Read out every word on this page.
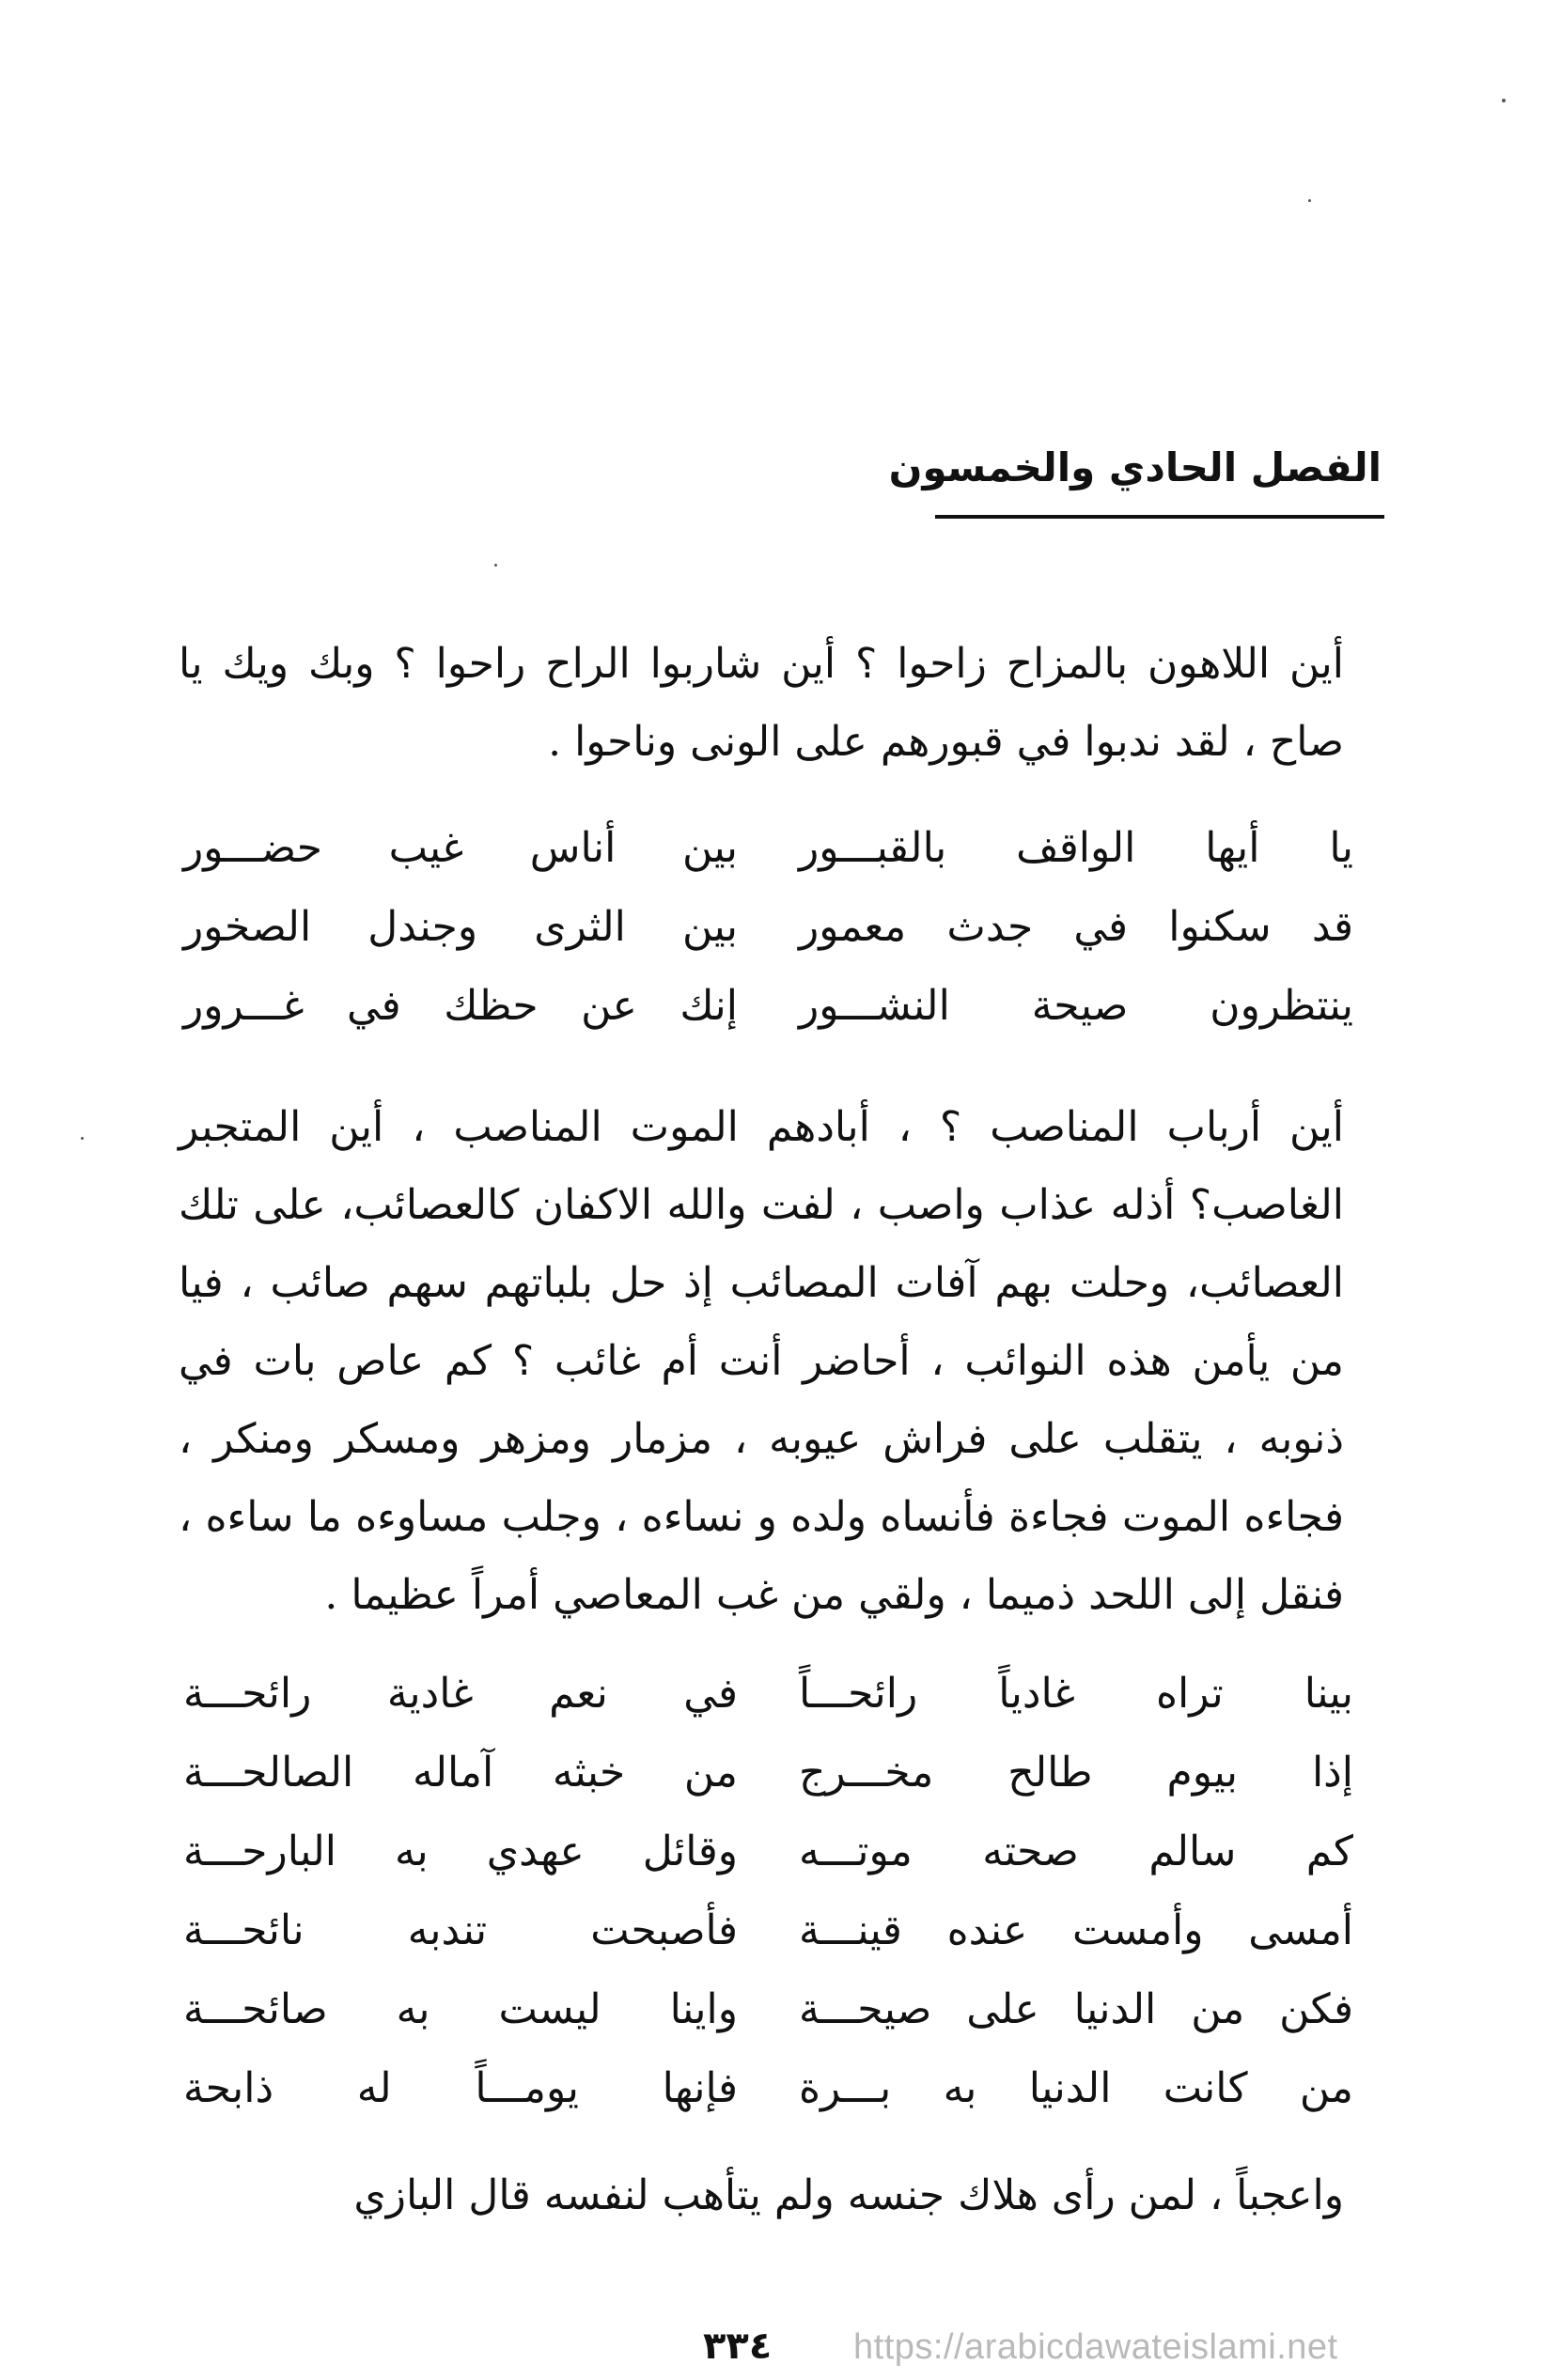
الفصل الحادي والخمسون

أين اللاهون بالمزاح زاحوا ؟ أين شاربوا الراح راحوا ؟ وبك ويك يا صاح ، لقد ندبوا في قبورهم على الونى وناحوا .

يا أيها الواقف بالقبـــور
بين أناس غيب حضـــور
قد سكنوا في جدث معمور
بين الثرى وجندل الصخور
ينتظرون صيحة النشـــور
إنك عن حظك في غـــرور

أين أرباب المناصب ؟ ، أبادهم الموت المناصب ، أين المتجبر الغاصب؟ أذله عذاب واصب ، لفت والله الاكفان كالعصائب، على تلك العصائب، وحلت بهم آفات المصائب إذ حل بلباتهم سهم صائب ، فيا من يأمن هذه النوائب ، أحاضر أنت أم غائب ؟ كم عاص بات في ذنوبه ، يتقلب على فراش عيوبه ، مزمار ومزهر ومسكر ومنكر ، فجاءه الموت فجاءة فأنساه ولده و نساءه ، وجلب مساوءه ما ساءه ، فنقل إلى اللحد ذميما ، ولقي من غب المعاصي أمراً عظيما .

بينا تراه غادياً رائحـــاً
في نعم غادية رائحـــة
إذا بيوم طالح مخـــرج
من خبثه آماله الصالحـــة
كم سالم صحته موتـــه
وقائل عهدي به البارحـــة
أمسى وأمست عنده قينـــة
فأصبحت تندبه نائحـــة
فكن من الدنيا على صيحـــة
واينا ليست به صائحـــة
من كانت الدنيا به بـــرة
فإنها يومـــاً له ذابحة

واعجباً ، لمن رأى هلاك جنسه ولم يتأهب لنفسه قال البازي

٣٣٤ https://arabicdawateislami.net
